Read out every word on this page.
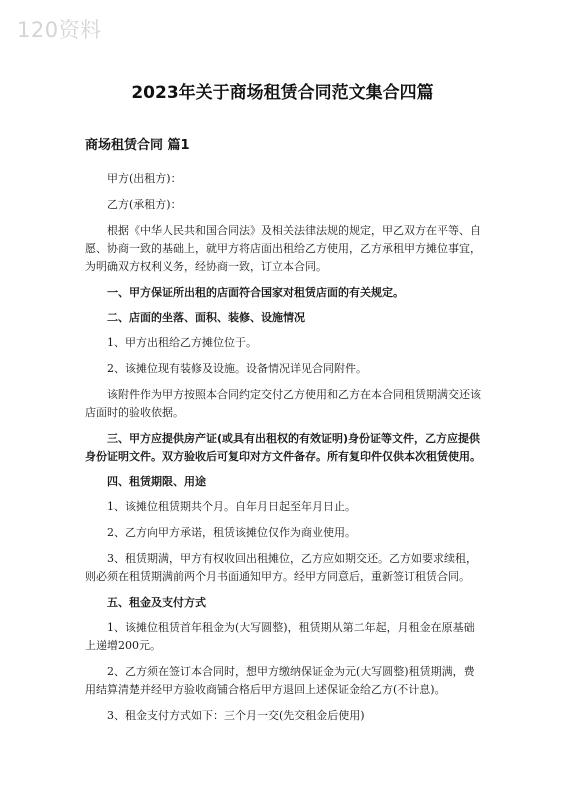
120资料
2023年关于商场租赁合同范文集合四篇
商场租赁合同 篇1

甲方(出租方)：

乙方(承租方)：

根据《中华人民共和国合同法》及相关法律法规的规定，甲乙双方在平等、自愿、协商一致的基础上，就甲方将店面出租给乙方使用，乙方承租甲方摊位事宜，为明确双方权利义务，经协商一致，订立本合同。

一、甲方保证所出租的店面符合国家对租赁店面的有关规定。

二、店面的坐落、面积、装修、设施情况

1、甲方出租给乙方摊位位于。

2、该摊位现有装修及设施。设备情况详见合同附件。

该附件作为甲方按照本合同约定交付乙方使用和乙方在本合同租赁期满交还该店面时的验收依据。

三、甲方应提供房产证(或具有出租权的有效证明)身份证等文件，乙方应提供身份证明文件。双方验收后可复印对方文件备存。所有复印件仅供本次租赁使用。

四、租赁期限、用途

1、该摊位租赁期共个月。自年月日起至年月日止。

2、乙方向甲方承诺，租赁该摊位仅作为商业使用。

3、租赁期满，甲方有权收回出租摊位，乙方应如期交还。乙方如要求续租，则必须在租赁期满前两个月书面通知甲方。经甲方同意后，重新签订租赁合同。

五、租金及支付方式

1、该摊位租赁首年租金为(大写圆整)，租赁期从第二年起，月租金在原基础上递增200元。

2、乙方须在签订本合同时，想甲方缴纳保证金为元(大写圆整)租赁期满，费用结算清楚并经甲方验收商铺合格后甲方退回上述保证金给乙方(不计息)。

3、租金支付方式如下：三个月一交(先交租金后使用)
